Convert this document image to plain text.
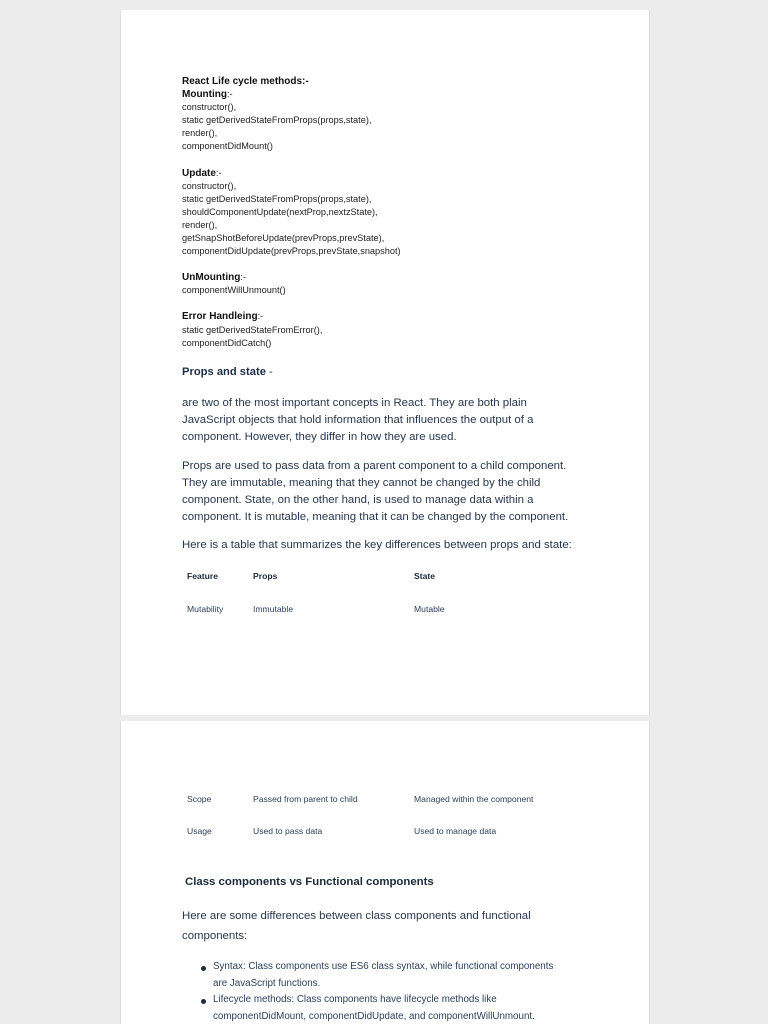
React Life cycle methods:-
Mounting:-
constructor(),
static getDerivedStateFromProps(props,state),
render(),
componentDidMount()
Update:-
constructor(),
static getDerivedStateFromProps(props,state),
shouldComponentUpdate(nextProp,nextzState),
render(),
getSnapShotBeforeUpdate(prevProps,prevState),
componentDidUpdate(prevProps,prevState,snapshot)
UnMounting:-
componentWillUnmount()
Error Handleing:-
static getDerivedStateFromError(),
componentDidCatch()
Props and state -
are two of the most important concepts in React. They are both plain
JavaScript objects that hold information that influences the output of a
component. However, they differ in how they are used.
Props are used to pass data from a parent component to a child component.
They are immutable, meaning that they cannot be changed by the child
component. State, on the other hand, is used to manage data within a
component. It is mutable, meaning that it can be changed by the component.
Here is a table that summarizes the key differences between props and state:
Feature	Props	State
Mutability	Immutable	Mutable
Scope	Passed from parent to child	Managed within the component
Usage	Used to pass data	Used to manage data
Class components vs Functional components
Here are some differences between class components and functional
components:
Syntax: Class components use ES6 class syntax, while functional components
are JavaScript functions.
Lifecycle methods: Class components have lifecycle methods like
componentDidMount, componentDidUpdate, and componentWillUnmount.
